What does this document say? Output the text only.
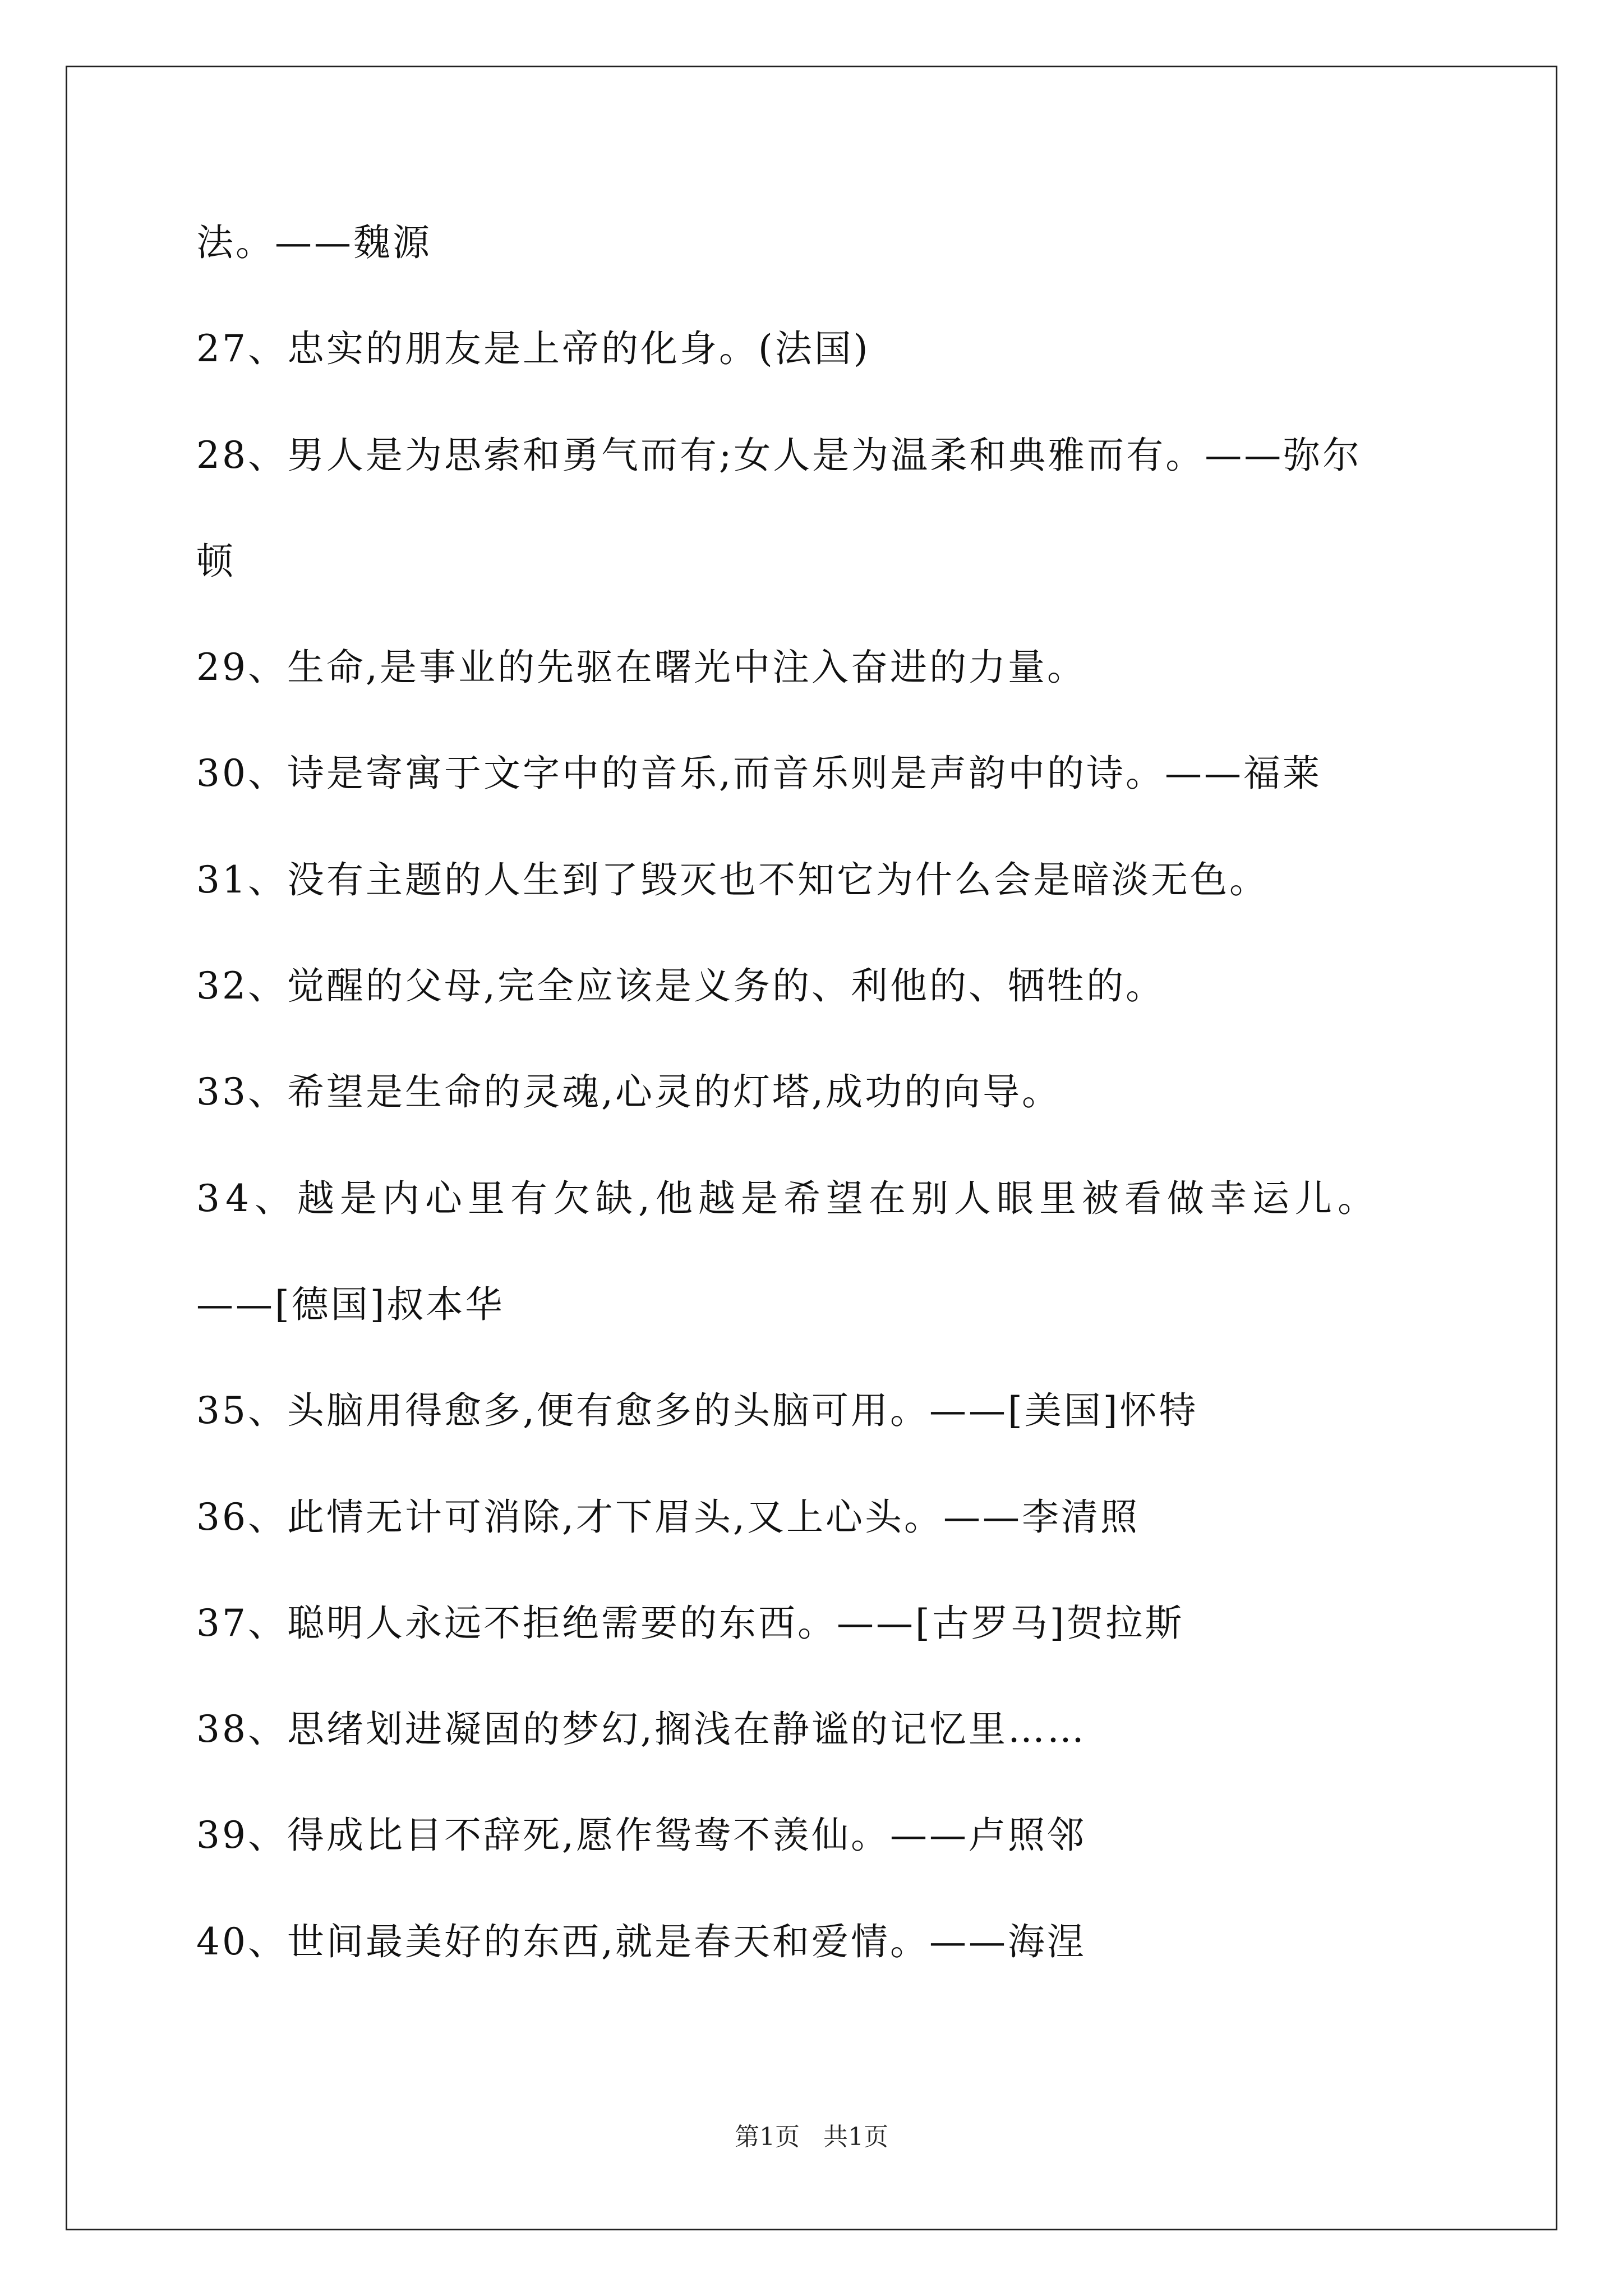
法。——魏源
27、忠实的朋友是上帝的化身。(法国)
28、男人是为思索和勇气而有;女人是为温柔和典雅而有。——弥尔
顿
29、生命,是事业的先驱在曙光中注入奋进的力量。
30、诗是寄寓于文字中的音乐,而音乐则是声韵中的诗。——福莱
31、没有主题的人生到了毁灭也不知它为什么会是暗淡无色。
32、觉醒的父母,完全应该是义务的、利他的、牺牲的。
33、希望是生命的灵魂,心灵的灯塔,成功的向导。
34、越是内心里有欠缺,他越是希望在别人眼里被看做幸运儿。
——[德国]叔本华
35、头脑用得愈多,便有愈多的头脑可用。——[美国]怀特
36、此情无计可消除,才下眉头,又上心头。——李清照
37、聪明人永远不拒绝需要的东西。——[古罗马]贺拉斯
38、思绪划进凝固的梦幻,搁浅在静谧的记忆里……
39、得成比目不辞死,愿作鸳鸯不羡仙。——卢照邻
40、世间最美好的东西,就是春天和爱情。——海涅
第1页 共1页
